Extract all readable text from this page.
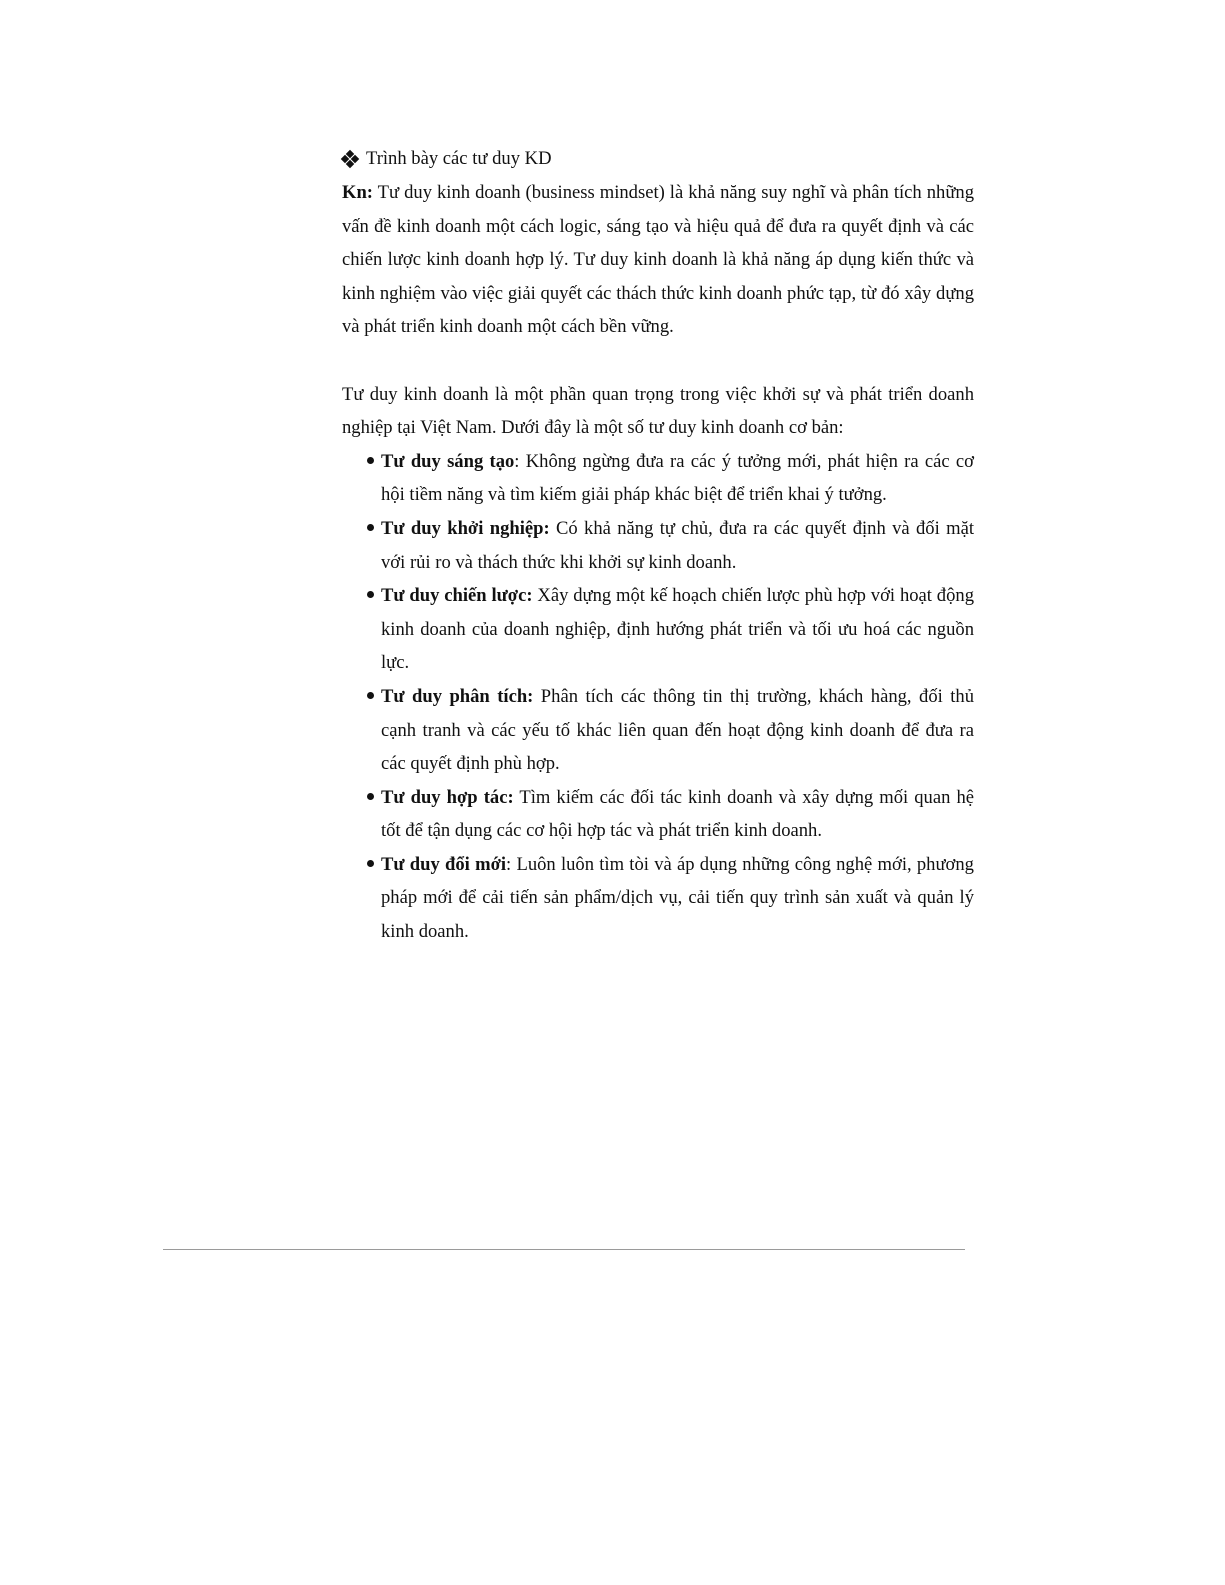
Trình bày các tư duy KD

Kn: Tư duy kinh doanh (business mindset) là khả năng suy nghĩ và phân tích những vấn đề kinh doanh một cách logic, sáng tạo và hiệu quả để đưa ra quyết định và các chiến lược kinh doanh hợp lý. Tư duy kinh doanh là khả năng áp dụng kiến thức và kinh nghiệm vào việc giải quyết các thách thức kinh doanh phức tạp, từ đó xây dựng và phát triển kinh doanh một cách bền vững.

Tư duy kinh doanh là một phần quan trọng trong việc khởi sự và phát triển doanh nghiệp tại Việt Nam. Dưới đây là một số tư duy kinh doanh cơ bản:

Tư duy sáng tạo: Không ngừng đưa ra các ý tưởng mới, phát hiện ra các cơ hội tiềm năng và tìm kiếm giải pháp khác biệt để triển khai ý tưởng.
Tư duy khởi nghiệp: Có khả năng tự chủ, đưa ra các quyết định và đối mặt với rủi ro và thách thức khi khởi sự kinh doanh.
Tư duy chiến lược: Xây dựng một kế hoạch chiến lược phù hợp với hoạt động kinh doanh của doanh nghiệp, định hướng phát triển và tối ưu hoá các nguồn lực.
Tư duy phân tích: Phân tích các thông tin thị trường, khách hàng, đối thủ cạnh tranh và các yếu tố khác liên quan đến hoạt động kinh doanh để đưa ra các quyết định phù hợp.
Tư duy hợp tác: Tìm kiếm các đối tác kinh doanh và xây dựng mối quan hệ tốt để tận dụng các cơ hội hợp tác và phát triển kinh doanh.
Tư duy đổi mới: Luôn luôn tìm tòi và áp dụng những công nghệ mới, phương pháp mới để cải tiến sản phẩm/dịch vụ, cải tiến quy trình sản xuất và quản lý kinh doanh.
